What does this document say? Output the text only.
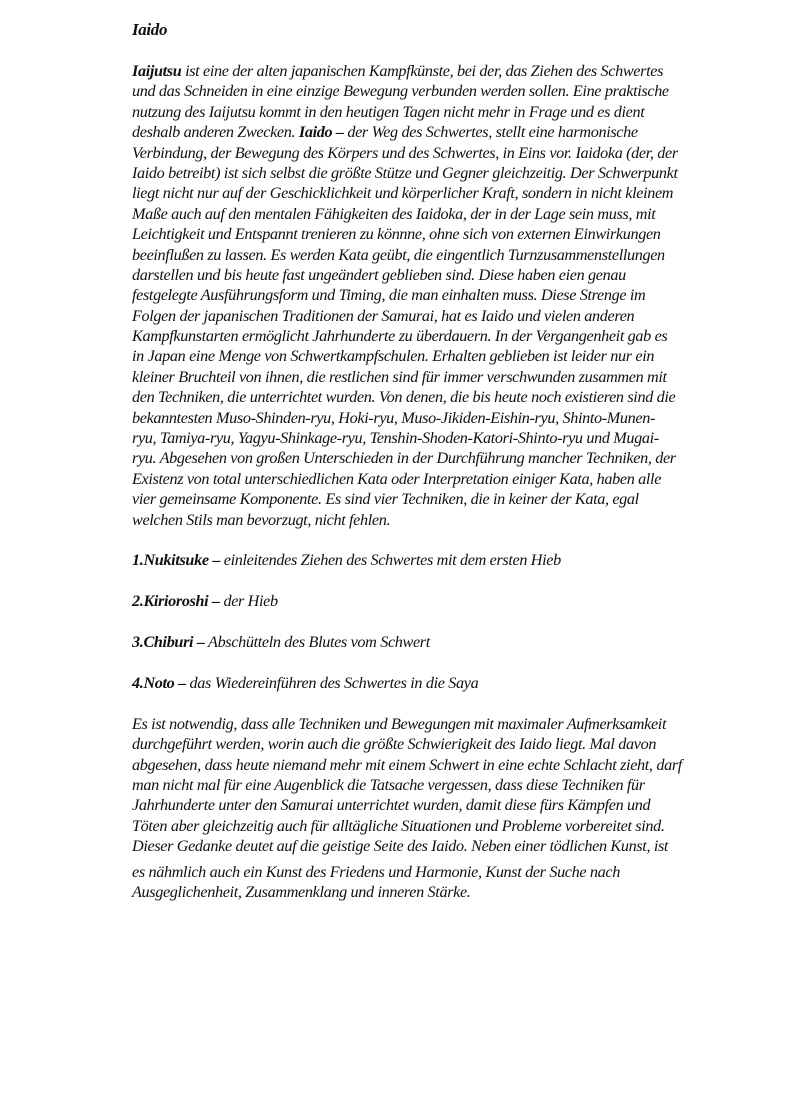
Iaido
Iaijutsu ist eine der alten japanischen Kampfkünste, bei der, das Ziehen des Schwertes
und das Schneiden in eine einzige Bewegung verbunden werden sollen. Eine praktische
nutzung des Iaijutsu kommt in den heutigen Tagen nicht mehr in Frage und es dient
deshalb anderen Zwecken. Iaido – der Weg des Schwertes, stellt eine harmonische
Verbindung, der Bewegung des Körpers und des Schwertes, in Eins vor. Iaidoka (der, der
Iaido betreibt) ist sich selbst die größte Stütze und Gegner gleichzeitig. Der Schwerpunkt
liegt nicht nur auf der Geschicklichkeit und körperlicher Kraft, sondern in nicht kleinem
Maße auch auf den mentalen Fähigkeiten des Iaidoka, der in der Lage sein muss, mit
Leichtigkeit und Entspannt trenieren zu könnne, ohne sich von externen Einwirkungen
beeinflußen zu lassen. Es werden Kata geübt, die eingentlich Turnzusammenstellungen
darstellen und bis heute fast ungeändert geblieben sind. Diese haben eien genau
festgelegte Ausführungsform und Timing, die man einhalten muss. Diese Strenge im
Folgen der japanischen Traditionen der Samurai, hat es Iaido und vielen anderen
Kampfkunstarten ermöglicht Jahrhunderte zu überdauern. In der Vergangenheit gab es
in Japan eine Menge von Schwertkampfschulen. Erhalten geblieben ist leider nur ein
kleiner Bruchteil von ihnen, die restlichen sind für immer verschwunden zusammen mit
den Techniken, die unterrichtet wurden. Von denen, die bis heute noch existieren sind die
bekanntesten Muso-Shinden-ryu, Hoki-ryu, Muso-Jikiden-Eishin-ryu, Shinto-Munen-
ryu, Tamiya-ryu, Yagyu-Shinkage-ryu, Tenshin-Shoden-Katori-Shinto-ryu und Mugai-
ryu. Abgesehen von großen Unterschieden in der Durchführung mancher Techniken, der
Existenz von total unterschiedlichen Kata oder Interpretation einiger Kata, haben alle
vier gemeinsame Komponente. Es sind vier Techniken, die in keiner der Kata, egal
welchen Stils man bevorzugt, nicht fehlen.
1.Nukitsuke – einleitendes Ziehen des Schwertes mit dem ersten Hieb
2.Kirioroshi – der Hieb
3.Chiburi – Abschütteln des Blutes vom Schwert
4.Noto – das Wiedereinführen des Schwertes in die Saya
Es ist notwendig, dass alle Techniken und Bewegungen mit maximaler Aufmerksamkeit
durchgeführt werden, worin auch die größte Schwierigkeit des Iaido liegt. Mal davon
abgesehen, dass heute niemand mehr mit einem Schwert in eine echte Schlacht zieht, darf
man nicht mal für eine Augenblick die Tatsache vergessen, dass diese Techniken für
Jahrhunderte unter den Samurai unterrichtet wurden, damit diese fürs Kämpfen und
Töten aber gleichzeitig auch für alltägliche Situationen und Probleme vorbereitet sind.
Dieser Gedanke deutet auf die geistige Seite des Iaido. Neben einer tödlichen Kunst, ist
es nähmlich auch ein Kunst des Friedens und Harmonie, Kunst der Suche nach
Ausgeglichenheit, Zusammenklang und inneren Stärke.
